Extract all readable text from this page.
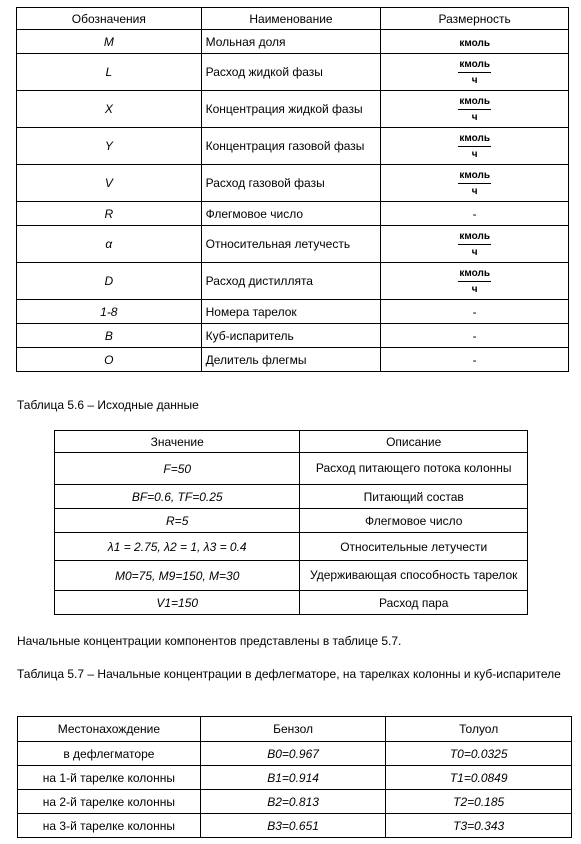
Обозначения	Наименование	Размерность
M	Мольная доля	кмоль
L	Расход жидкой фазы	$\frac{\text{кмоль}}{ч}$

X	Концентрация жидкой фазы	$\frac{\text{кмоль}}{ч}$

Y	Концентрация газовой фазы	$\frac{\text{кмоль}}{ч}$

V	Расход газовой фазы	$\frac{\text{кмоль}}{ч}$

R	Флегмовое число	-
α	Относительная летучесть	$\frac{\text{кмоль}}{ч}$

D	Расход дистиллята	$\frac{\text{кмоль}}{ч}$

1-8	Номера тарелок	-
B	Куб-испаритель	-
O	Делитель флегмы	-

Таблица 5.6 – Исходные данные

Значение	Описание
F=50	Расход питающего потока колонны
BF=0.6, TF=0.25	Питающий состав
R=5	Флегмовое число
λ1 = 2.75, λ2 = 1, λ3 = 0.4	Относительные летучести
M0=75, M9=150, M=30	Удерживающая способность тарелок
V1=150	Расход пара

Начальные концентрации компонентов представлены в таблице 5.7.

Таблица 5.7 – Начальные концентрации в дефлегматоре, на тарелках колонны и куб-испарителе

Местонахождение	Бензол	Толуол
в дефлегматоре	B0=0.967	T0=0.0325
на 1-й тарелке колонны	B1=0.914	T1=0.0849
на 2-й тарелке колонны	B2=0.813	T2=0.185
на 3-й тарелке колонны	B3=0.651	T3=0.343
